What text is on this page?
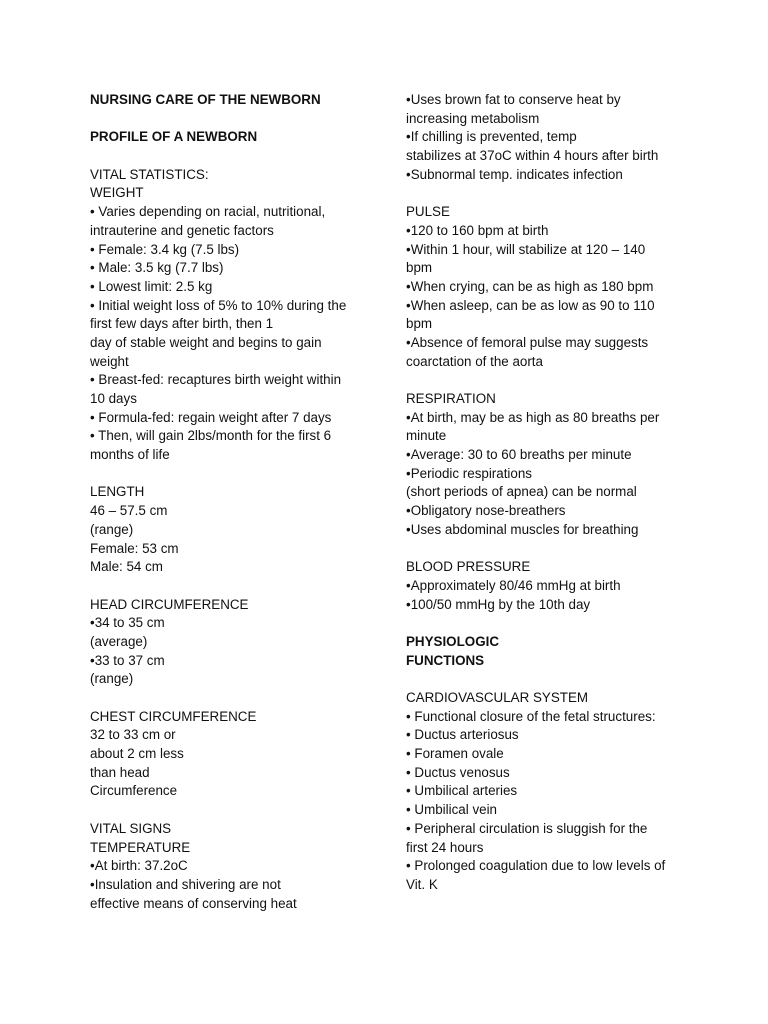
NURSING CARE OF THE NEWBORN
PROFILE OF A NEWBORN
VITAL STATISTICS:
WEIGHT
• Varies depending on racial, nutritional,
intrauterine and genetic factors
• Female: 3.4 kg (7.5 lbs)
• Male: 3.5 kg (7.7 lbs)
• Lowest limit: 2.5 kg
• Initial weight loss of 5% to 10% during the
first few days after birth, then 1
day of stable weight and begins to gain
weight
• Breast-fed: recaptures birth weight within
10 days
• Formula-fed: regain weight after 7 days
• Then, will gain 2lbs/month for the first 6
months of life
LENGTH
46 – 57.5 cm
(range)
Female: 53 cm
Male: 54 cm
HEAD CIRCUMFERENCE
•34 to 35 cm
(average)
•33 to 37 cm
(range)
CHEST CIRCUMFERENCE
32 to 33 cm or
about 2 cm less
than head
Circumference
VITAL SIGNS
TEMPERATURE
•At birth: 37.2oC
•Insulation and shivering are not
effective means of conserving heat
•Uses brown fat to conserve heat by
increasing metabolism
•If chilling is prevented, temp
stabilizes at 37oC within 4 hours after birth
•Subnormal temp. indicates infection
PULSE
•120 to 160 bpm at birth
•Within 1 hour, will stabilize at 120 – 140
bpm
•When crying, can be as high as 180 bpm
•When asleep, can be as low as 90 to 110
bpm
•Absence of femoral pulse may suggests
coarctation of the aorta
RESPIRATION
•At birth, may be as high as 80 breaths per
minute
•Average: 30 to 60 breaths per minute
•Periodic respirations
(short periods of apnea) can be normal
•Obligatory nose-breathers
•Uses abdominal muscles for breathing
BLOOD PRESSURE
•Approximately 80/46 mmHg at birth
•100/50 mmHg by the 10th day
PHYSIOLOGIC
FUNCTIONS
CARDIOVASCULAR SYSTEM
• Functional closure of the fetal structures:
• Ductus arteriosus
• Foramen ovale
• Ductus venosus
• Umbilical arteries
• Umbilical vein
• Peripheral circulation is sluggish for the
first 24 hours
• Prolonged coagulation due to low levels of
Vit. K
